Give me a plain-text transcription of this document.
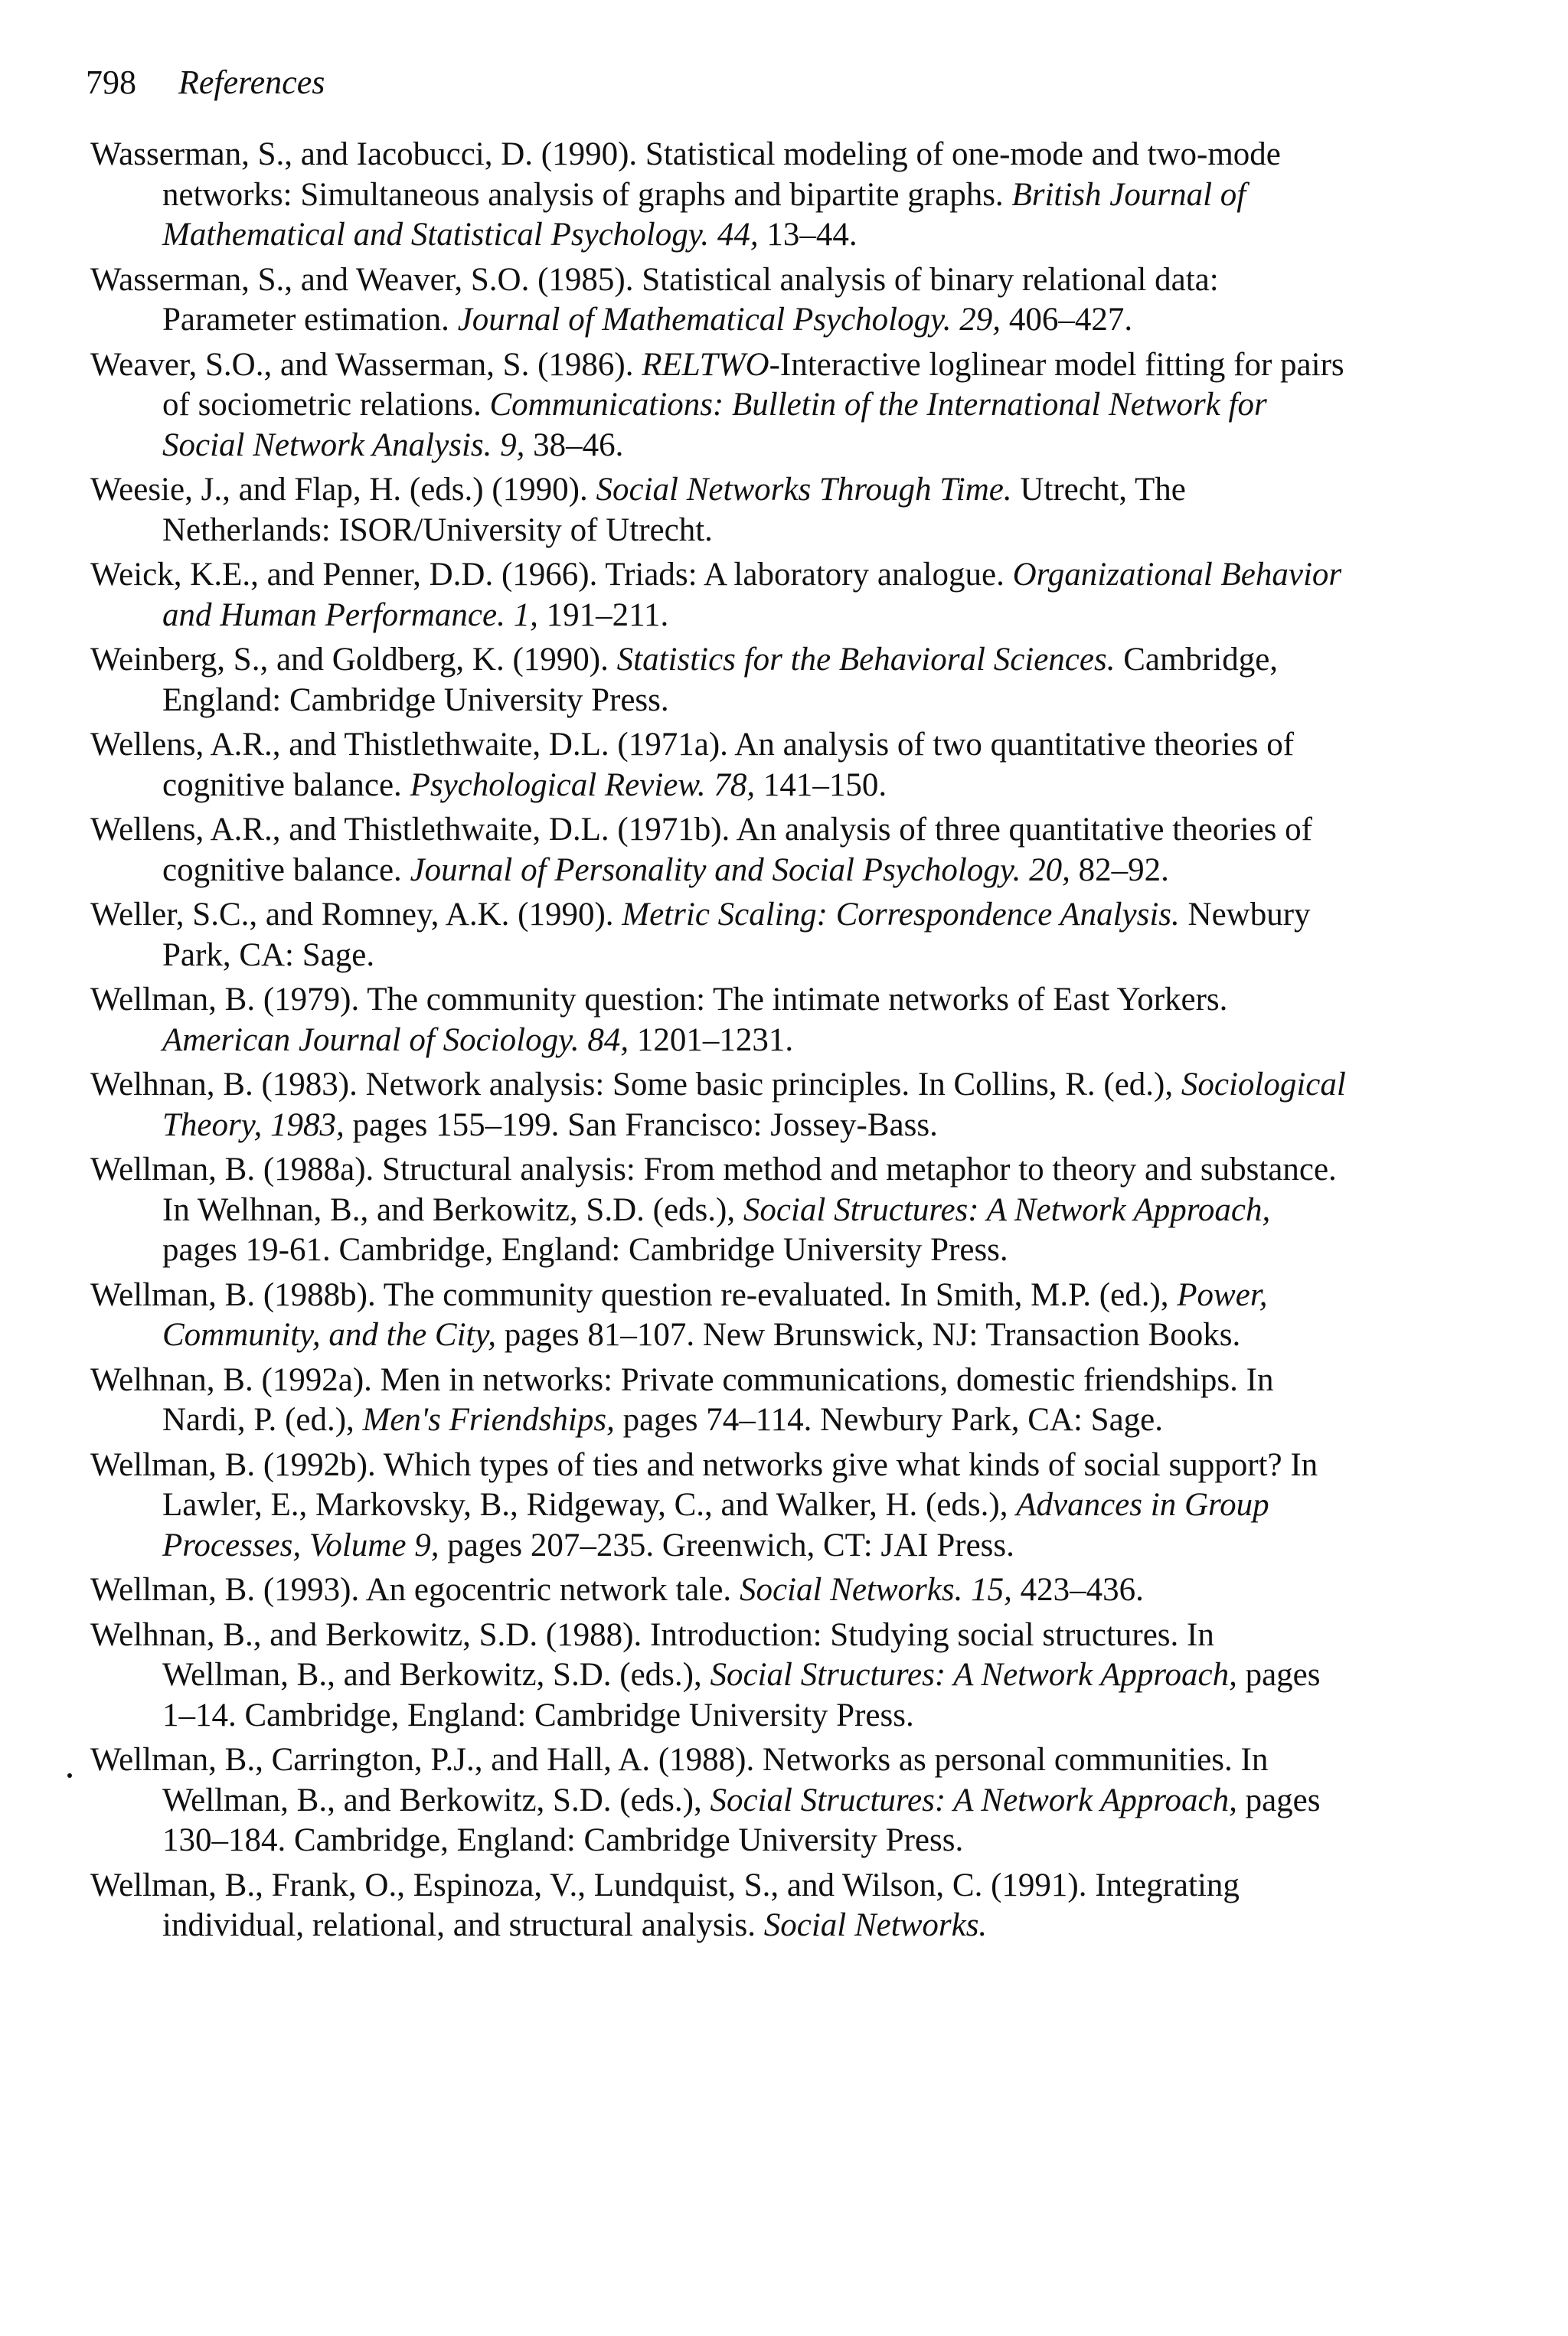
798 References

Wasserman, S., and Iacobucci, D. (1990). Statistical modeling of one-mode and two-mode networks: Simultaneous analysis of graphs and bipartite graphs. British Journal of Mathematical and Statistical Psychology. 44, 13–44.

Wasserman, S., and Weaver, S.O. (1985). Statistical analysis of binary relational data: Parameter estimation. Journal of Mathematical Psychology. 29, 406–427.

Weaver, S.O., and Wasserman, S. (1986). RELTWO-Interactive loglinear model fitting for pairs of sociometric relations. Communications: Bulletin of the International Network for Social Network Analysis. 9, 38–46.

Weesie, J., and Flap, H. (eds.) (1990). Social Networks Through Time. Utrecht, The Netherlands: ISOR/University of Utrecht.

Weick, K.E., and Penner, D.D. (1966). Triads: A laboratory analogue. Organizational Behavior and Human Performance. 1, 191–211.

Weinberg, S., and Goldberg, K. (1990). Statistics for the Behavioral Sciences. Cambridge, England: Cambridge University Press.

Wellens, A.R., and Thistlethwaite, D.L. (1971a). An analysis of two quantitative theories of cognitive balance. Psychological Review. 78, 141–150.

Wellens, A.R., and Thistlethwaite, D.L. (1971b). An analysis of three quantitative theories of cognitive balance. Journal of Personality and Social Psychology. 20, 82–92.

Weller, S.C., and Romney, A.K. (1990). Metric Scaling: Correspondence Analysis. Newbury Park, CA: Sage.

Wellman, B. (1979). The community question: The intimate networks of East Yorkers. American Journal of Sociology. 84, 1201–1231.

Welhnan, B. (1983). Network analysis: Some basic principles. In Collins, R. (ed.), Sociological Theory, 1983, pages 155–199. San Francisco: Jossey-Bass.

Wellman, B. (1988a). Structural analysis: From method and metaphor to theory and substance. In Welhnan, B., and Berkowitz, S.D. (eds.), Social Structures: A Network Approach, pages 19-61. Cambridge, England: Cambridge University Press.

Wellman, B. (1988b). The community question re-evaluated. In Smith, M.P. (ed.), Power, Community, and the City, pages 81–107. New Brunswick, NJ: Transaction Books.

Welhnan, B. (1992a). Men in networks: Private communications, domestic friendships. In Nardi, P. (ed.), Men's Friendships, pages 74–114. Newbury Park, CA: Sage.

Wellman, B. (1992b). Which types of ties and networks give what kinds of social support? In Lawler, E., Markovsky, B., Ridgeway, C., and Walker, H. (eds.), Advances in Group Processes, Volume 9, pages 207–235. Greenwich, CT: JAI Press.

Wellman, B. (1993). An egocentric network tale. Social Networks. 15, 423–436.

Welhnan, B., and Berkowitz, S.D. (1988). Introduction: Studying social structures. In Wellman, B., and Berkowitz, S.D. (eds.), Social Structures: A Network Approach, pages 1–14. Cambridge, England: Cambridge University Press.

Wellman, B., Carrington, P.J., and Hall, A. (1988). Networks as personal communities. In Wellman, B., and Berkowitz, S.D. (eds.), Social Structures: A Network Approach, pages 130–184. Cambridge, England: Cambridge University Press.

Wellman, B., Frank, O., Espinoza, V., Lundquist, S., and Wilson, C. (1991). Integrating individual, relational, and structural analysis. Social Networks.
